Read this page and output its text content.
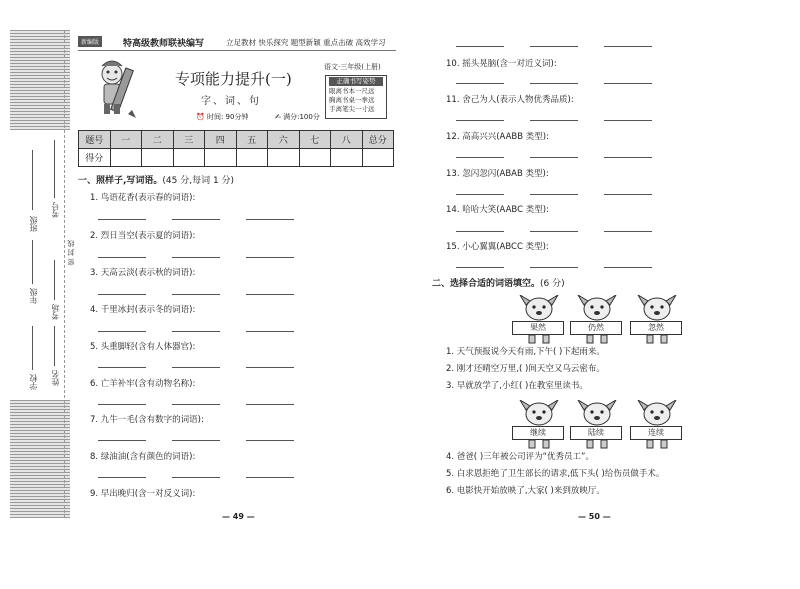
班级
考号
年级
考场
密 封 线
学校 姓名
新编版	特高级教师联袂编写	立足教材 快乐探究 题型新颖 重点击破 高效学习
专项能力提升(一)
字、词、句
⏰ 时间: 90分钟	✍ 满分:100分
语文·三年级(上册)
正确书写姿势
眼离书本一尺远
胸离书桌一拳远
手离笔尖一寸远
题号	一	二	三	四	五	六	七	八	总分
得分									
一、照样子,写词语。(45 分,每词 1 分)
1. 鸟语花香(表示春的词语):
2. 烈日当空(表示夏的词语):
3. 天高云淡(表示秋的词语):
4. 千里冰封(表示冬的词语):
5. 头重脚轻(含有人体器官):
6. 亡羊补牢(含有动物名称):
7. 九牛一毛(含有数字的词语):
8. 绿油油(含有颜色的词语):
9. 早出晚归(含一对反义词):
— 49 —
10. 摇头晃脑(含一对近义词):
11. 舍己为人(表示人物优秀品质):
12. 高高兴兴(AABB 类型):
13. 忽闪忽闪(ABAB 类型):
14. 哈哈大笑(AABC 类型):
15. 小心翼翼(ABCC 类型):
二、选择合适的词语填空。(6 分)
果然	仍然	忽然
1. 天气预报说今天有雨,下午( )下起雨来。
2. 刚才还晴空万里,( )间天空又乌云密布。
3. 早就放学了,小红( )在教室里读书。
继续	陆续	连续
4. 爸爸( )三年被公司评为“优秀员工”。
5. 白求恩拒绝了卫生部长的请求,低下头( )给伤员做手术。
6. 电影快开始放映了,大家( )来到放映厅。
— 50 —
